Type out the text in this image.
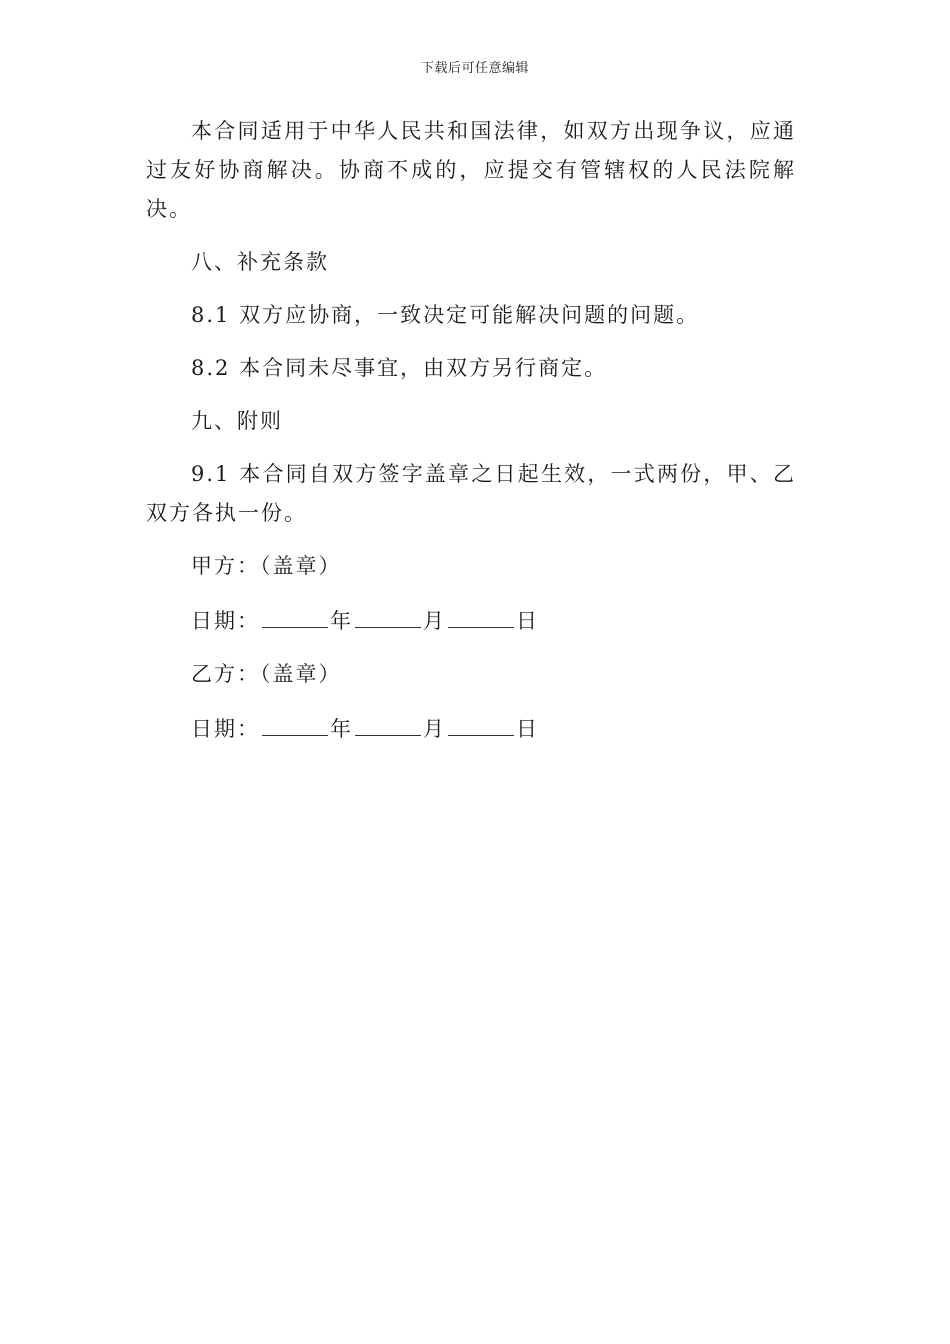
下载后可任意编辑

本合同适用于中华人民共和国法律，如双方出现争议，应通过友好协商解决。协商不成的，应提交有管辖权的人民法院解决。

八、补充条款

8.1 双方应协商，一致决定可能解决问题的问题。

8.2 本合同未尽事宜，由双方另行商定。

九、附则

9.1 本合同自双方签字盖章之日起生效，一式两份，甲、乙双方各执一份。

甲方：（盖章）

日期：	年	月	日

乙方：（盖章）

日期：	年	月	日
